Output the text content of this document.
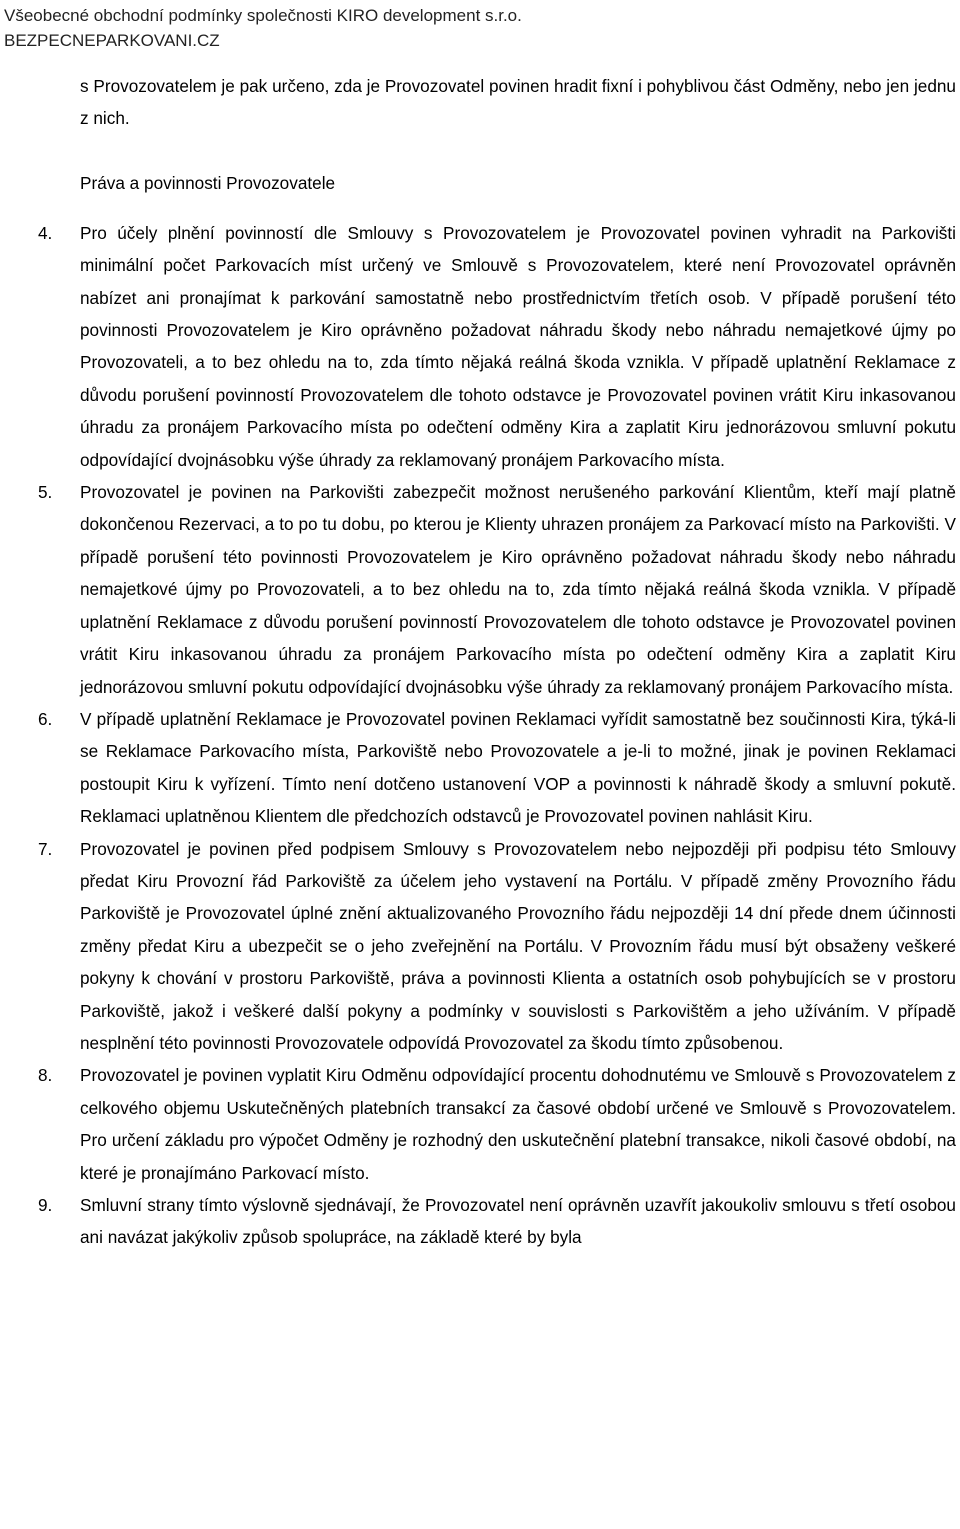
Všeobecné obchodní podmínky společnosti KIRO development s.r.o.
BEZPECNEPARKOVANI.CZ

s Provozovatelem je pak určeno, zda je Provozovatel povinen hradit fixní i pohyblivou část Odměny, nebo jen jednu z nich.

Práva a povinnosti Provozovatele

4.	Pro účely plnění povinností dle Smlouvy s Provozovatelem je Provozovatel povinen vyhradit na Parkovišti minimální počet Parkovacích míst určený ve Smlouvě s Provozovatelem, které není Provozovatel oprávněn nabízet ani pronajímat k parkování samostatně nebo prostřednictvím třetích osob. V případě porušení této povinnosti Provozovatelem je Kiro oprávněno požadovat náhradu škody nebo náhradu nemajetkové újmy po Provozovateli, a to bez ohledu na to, zda tímto nějaká reálná škoda vznikla. V případě uplatnění Reklamace z důvodu porušení povinností Provozovatelem dle tohoto odstavce je Provozovatel povinen vrátit Kiru inkasovanou úhradu za pronájem Parkovacího místa po odečtení odměny Kira a zaplatit Kiru jednorázovou smluvní pokutu odpovídající dvojnásobku výše úhrady za reklamovaný pronájem Parkovacího místa.
5.	Provozovatel je povinen na Parkovišti zabezpečit možnost nerušeného parkování Klientům, kteří mají platně dokončenou Rezervaci, a to po tu dobu, po kterou je Klienty uhrazen pronájem za Parkovací místo na Parkovišti. V případě porušení této povinnosti Provozovatelem je Kiro oprávněno požadovat náhradu škody nebo náhradu nemajetkové újmy po Provozovateli, a to bez ohledu na to, zda tímto nějaká reálná škoda vznikla. V případě uplatnění Reklamace z důvodu porušení povinností Provozovatelem dle tohoto odstavce je Provozovatel povinen vrátit Kiru inkasovanou úhradu za pronájem Parkovacího místa po odečtení odměny Kira a zaplatit Kiru jednorázovou smluvní pokutu odpovídající dvojnásobku výše úhrady za reklamovaný pronájem Parkovacího místa.
6.	V případě uplatnění Reklamace je Provozovatel povinen Reklamaci vyřídit samostatně bez součinnosti Kira, týká-li se Reklamace Parkovacího místa, Parkoviště nebo Provozovatele a je-li to možné, jinak je povinen Reklamaci postoupit Kiru k vyřízení. Tímto není dotčeno ustanovení VOP a povinnosti k náhradě škody a smluvní pokutě. Reklamaci uplatněnou Klientem dle předchozích odstavců je Provozovatel povinen nahlásit Kiru.
7.	Provozovatel je povinen před podpisem Smlouvy s Provozovatelem nebo nejpozději při podpisu této Smlouvy předat Kiru Provozní řád Parkoviště za účelem jeho vystavení na Portálu. V případě změny Provozního řádu Parkoviště je Provozovatel úplné znění aktualizovaného Provozního řádu nejpozději 14 dní přede dnem účinnosti změny předat Kiru a ubezpečit se o jeho zveřejnění na Portálu. V Provozním řádu musí být obsaženy veškeré pokyny k chování v prostoru Parkoviště, práva a povinnosti Klienta a ostatních osob pohybujících se v prostoru Parkoviště, jakož i veškeré další pokyny a podmínky v souvislosti s Parkovištěm a jeho užíváním. V případě nesplnění této povinnosti Provozovatele odpovídá Provozovatel za škodu tímto způsobenou.
8.	Provozovatel je povinen vyplatit Kiru Odměnu odpovídající procentu dohodnutému ve Smlouvě s Provozovatelem z celkového objemu Uskutečněných platebních transakcí za časové období určené ve Smlouvě s Provozovatelem. Pro určení základu pro výpočet Odměny je rozhodný den uskutečnění platební transakce, nikoli časové období, na které je pronajímáno Parkovací místo.
9.	Smluvní strany tímto výslovně sjednávají, že Provozovatel není oprávněn uzavřít jakoukoliv smlouvu s třetí osobou ani navázat jakýkoliv způsob spolupráce, na základě které by byla
